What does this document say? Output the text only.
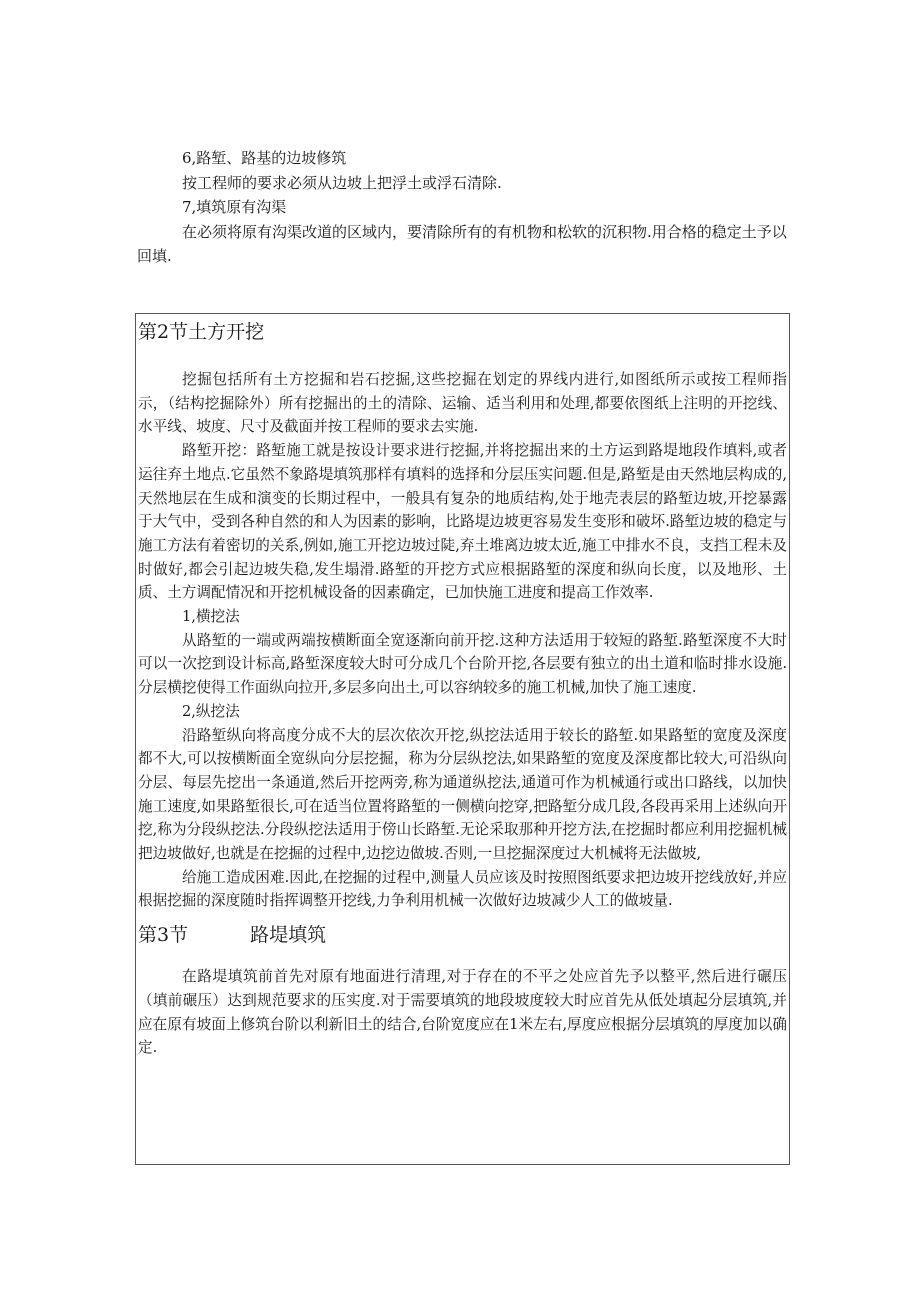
6,路堑、路基的边坡修筑

按工程师的要求必须从边坡上把浮土或浮石清除.

7,填筑原有沟渠

在必须将原有沟渠改道的区域内，要清除所有的有机物和松软的沉积物.用合格的稳定土予以回填.

第2节土方开挖

挖掘包括所有土方挖掘和岩石挖掘,这些挖掘在划定的界线内进行,如图纸所示或按工程师指示，（结构挖掘除外）所有挖掘出的土的清除、运输、适当利用和处理,都要依图纸上注明的开挖线、水平线、坡度、尺寸及截面并按工程师的要求去实施.

路堑开挖：路堑施工就是按设计要求进行挖掘,并将挖掘出来的土方运到路堤地段作填料,或者运往弃土地点.它虽然不象路堤填筑那样有填料的选择和分层压实问题.但是,路堑是由天然地层构成的,天然地层在生成和演变的长期过程中，一般具有复杂的地质结构,处于地壳表层的路堑边坡,开挖暴露于大气中，受到各种自然的和人为因素的影响，比路堤边坡更容易发生变形和破坏.路堑边坡的稳定与施工方法有着密切的关系,例如,施工开挖边坡过陡,弃土堆离边坡太近,施工中排水不良，支挡工程未及时做好,都会引起边坡失稳,发生塌滑.路堑的开挖方式应根据路堑的深度和纵向长度，以及地形、土质、土方调配情况和开挖机械设备的因素确定，已加快施工进度和提高工作效率.

1,横挖法

从路堑的一端或两端按横断面全宽逐渐向前开挖.这种方法适用于较短的路堑.路堑深度不大时可以一次挖到设计标高,路堑深度较大时可分成几个台阶开挖,各层要有独立的出土道和临时排水设施.分层横挖使得工作面纵向拉开,多层多向出土,可以容纳较多的施工机械,加快了施工速度.

2,纵挖法

沿路堑纵向将高度分成不大的层次依次开挖,纵挖法适用于较长的路堑.如果路堑的宽度及深度都不大,可以按横断面全宽纵向分层挖掘，称为分层纵挖法,如果路堑的宽度及深度都比较大,可沿纵向分层、每层先挖出一条通道,然后开挖两旁,称为通道纵挖法,通道可作为机械通行或出口路线，以加快施工速度,如果路堑很长,可在适当位置将路堑的一侧横向挖穿,把路堑分成几段,各段再采用上述纵向开挖,称为分段纵挖法.分段纵挖法适用于傍山长路堑.无论采取那种开挖方法,在挖掘时都应利用挖掘机械把边坡做好,也就是在挖掘的过程中,边挖边做坡.否则,一旦挖掘深度过大机械将无法做坡,

给施工造成困难.因此,在挖掘的过程中,测量人员应该及时按照图纸要求把边坡开挖线放好,并应根据挖掘的深度随时指挥调整开挖线,力争利用机械一次做好边坡减少人工的做坡量.

第3节	路堤填筑

在路堤填筑前首先对原有地面进行清理,对于存在的不平之处应首先予以整平,然后进行碾压（填前碾压）达到规范要求的压实度.对于需要填筑的地段坡度较大时应首先从低处填起分层填筑,并应在原有坡面上修筑台阶以利新旧土的结合,台阶宽度应在1米左右,厚度应根据分层填筑的厚度加以确定.
